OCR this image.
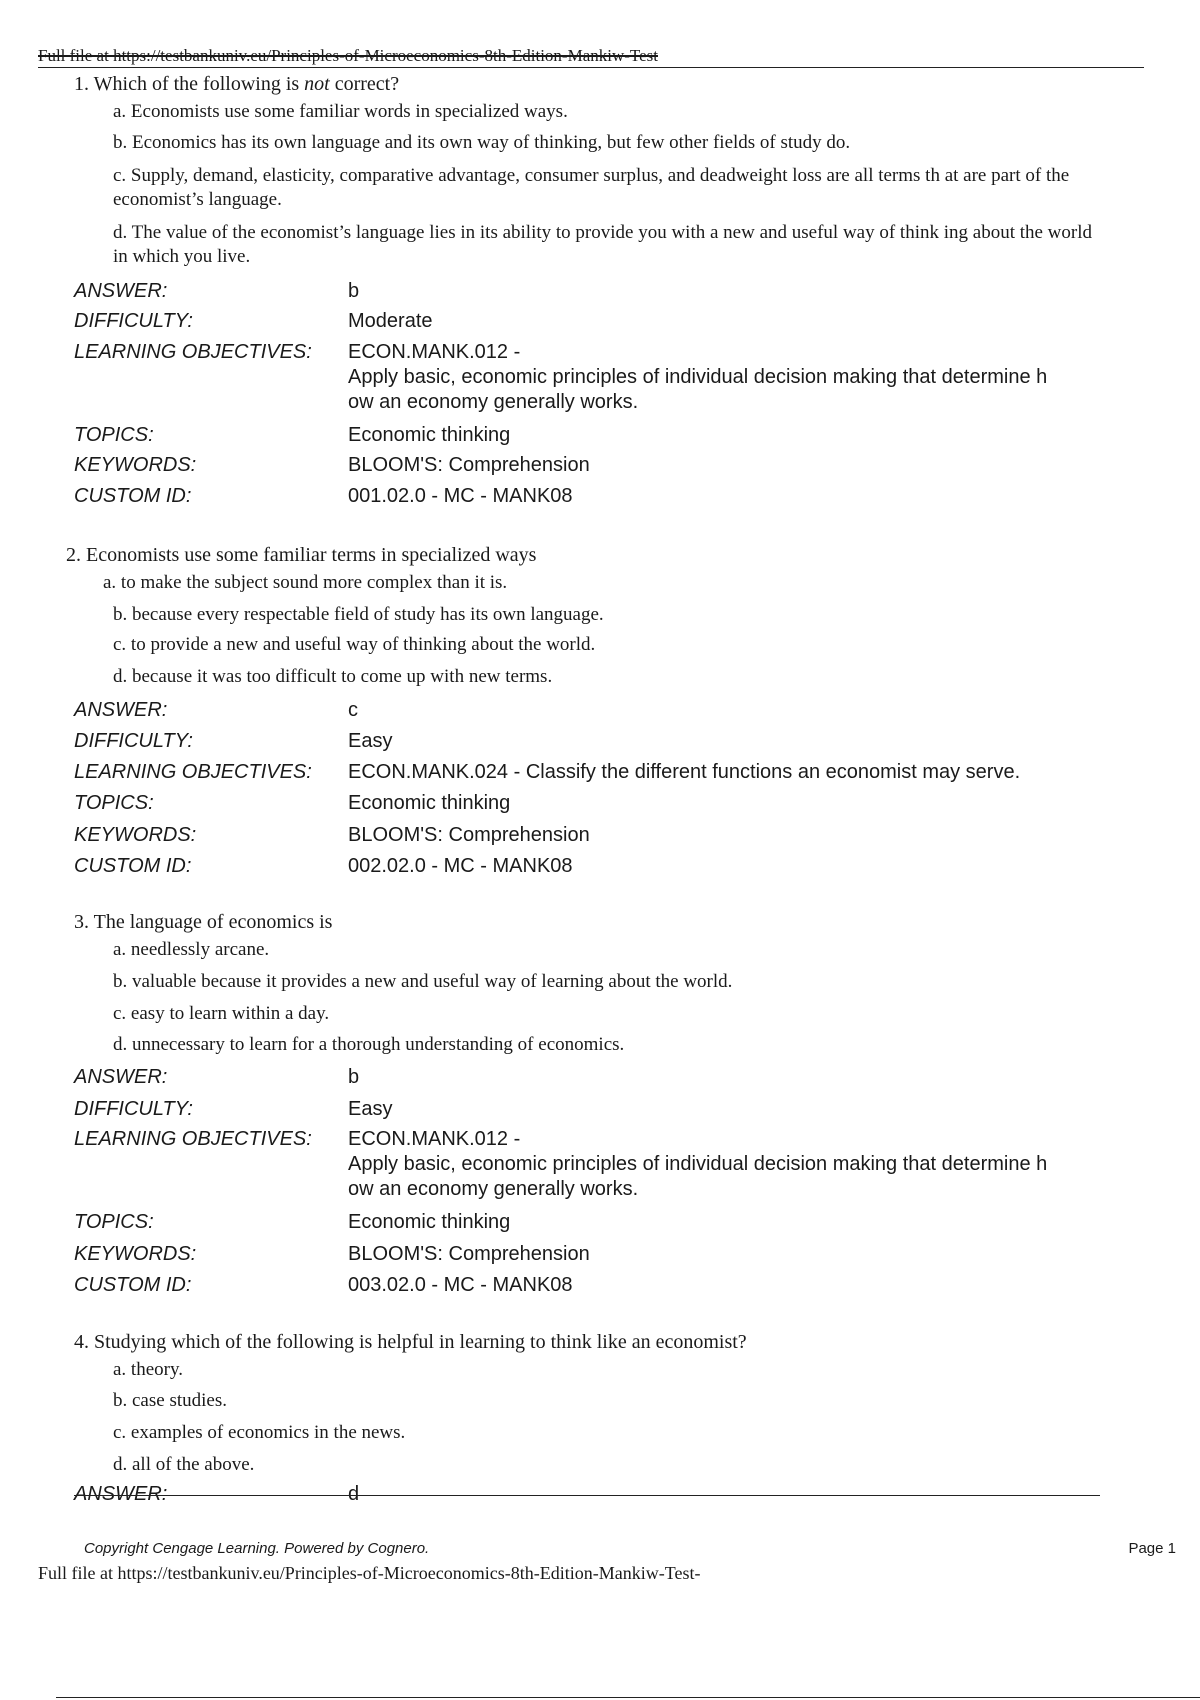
Full file at https://testbankuniv.eu/Principles-of-Microeconomics-8th-Edition-Mankiw-Test
1. Which of the following is not correct?
a. Economists use some familiar words in specialized ways.
b. Economics has its own language and its own way of thinking, but few other fields of study do.
c. Supply, demand, elasticity, comparative advantage, consumer surplus, and deadweight loss are all terms th at are part of the economist’s language.
d. The value of the economist’s language lies in its ability to provide you with a new and useful way of think ing about the world in which you live.
ANSWER:	b
DIFFICULTY:	Moderate
LEARNING OBJECTIVES: ECON.MANK.012 -
Apply basic, economic principles of individual decision making that determine h
ow an economy generally works.
TOPICS:	Economic thinking
KEYWORDS:	BLOOM'S: Comprehension
CUSTOM ID:	001.02.0 - MC - MANK08
2. Economists use some familiar terms in specialized ways
a. to make the subject sound more complex than it is.
b. because every respectable field of study has its own language.
c. to provide a new and useful way of thinking about the world.
d. because it was too difficult to come up with new terms.
ANSWER:	c
DIFFICULTY:	Easy
LEARNING OBJECTIVES: ECON.MANK.024 - Classify the different functions an economist may serve.
TOPICS:	Economic thinking
KEYWORDS:	BLOOM'S: Comprehension
CUSTOM ID:	002.02.0 - MC - MANK08
3. The language of economics is
a. needlessly arcane.
b. valuable because it provides a new and useful way of learning about the world.
c. easy to learn within a day.
d. unnecessary to learn for a thorough understanding of economics.
ANSWER:	b
DIFFICULTY:	Easy
LEARNING OBJECTIVES: ECON.MANK.012 -
Apply basic, economic principles of individual decision making that determine h
ow an economy generally works.
TOPICS:	Economic thinking
KEYWORDS:	BLOOM'S: Comprehension
CUSTOM ID:	003.02.0 - MC - MANK08
4. Studying which of the following is helpful in learning to think like an economist?
a. theory.
b. case studies.
c. examples of economics in the news.
d. all of the above.
ANSWER:	d
Copyright Cengage Learning. Powered by Cognero.	Page 1
Full file at https://testbankuniv.eu/Principles-of-Microeconomics-8th-Edition-Mankiw-Test-
